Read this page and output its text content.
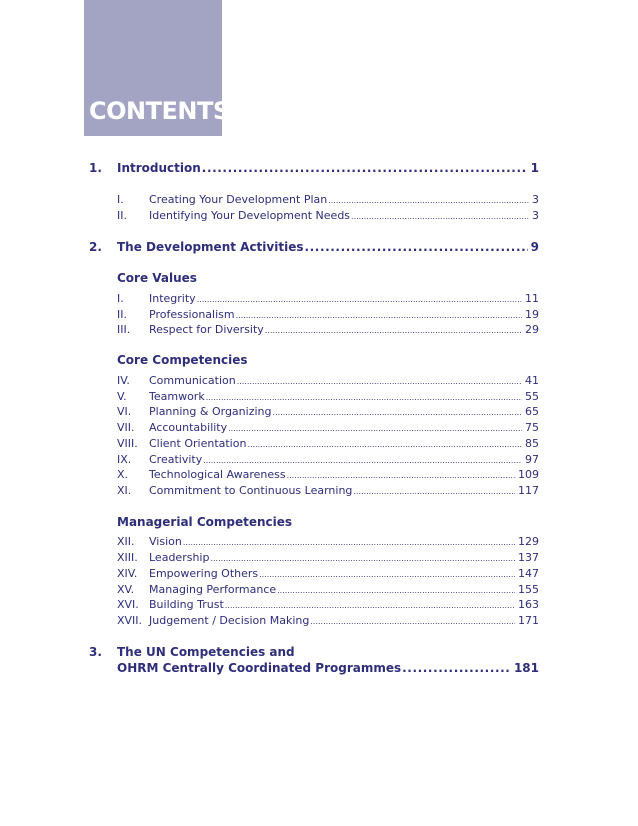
CONTENTS
1.	Introduction .....	1
I.	Creating Your Development Plan .....	3
II.	Identifying Your Development Needs .....	3
2.	The Development Activities .....	9
Core Values
I.	Integrity .....	11
II.	Professionalism .....	19
III.	Respect for Diversity .....	29
Core Competencies
IV.	Communication .....	41
V.	Teamwork .....	55
VI.	Planning & Organizing .....	65
VII.	Accountability .....	75
VIII.	Client Orientation .....	85
IX.	Creativity .....	97
X.	Technological Awareness .....	109
XI.	Commitment to Continuous Learning .....	117
Managerial Competencies
XII.	Vision .....	129
XIII.	Leadership .....	137
XIV.	Empowering Others .....	147
XV.	Managing Performance .....	155
XVI. Building Trust .....	163
XVII. Judgement / Decision Making .....	171
3.	The UN Competencies and
OHRM Centrally Coordinated Programmes .....	181
